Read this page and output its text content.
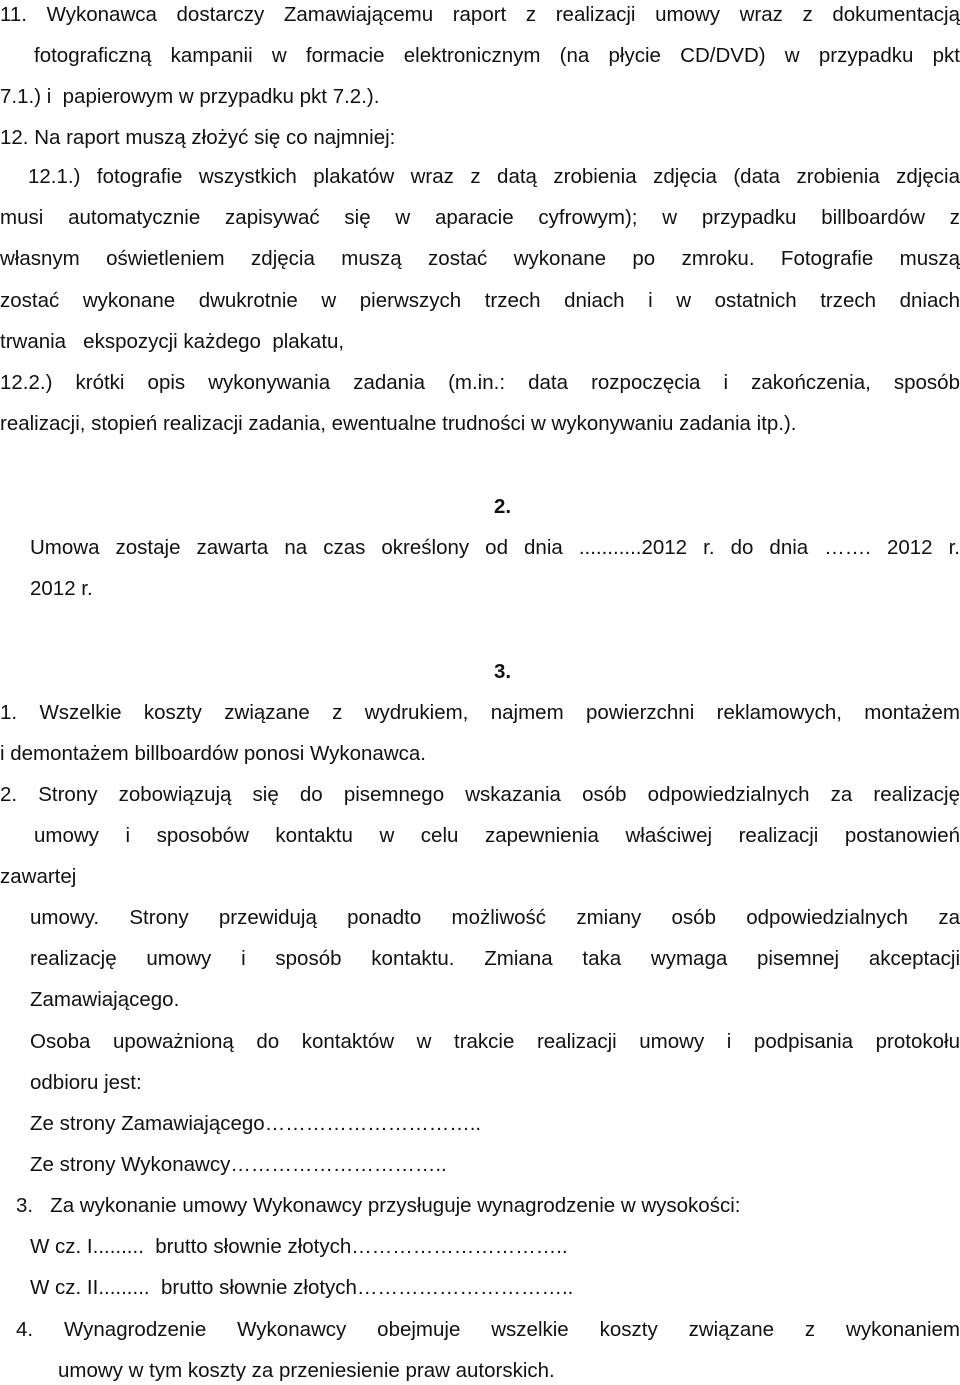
11. Wykonawca dostarczy Zamawiającemu raport z realizacji umowy wraz z dokumentacją
fotograficzną kampanii w formacie elektronicznym (na płycie CD/DVD) w przypadku pkt
7.1.) i  papierowym w przypadku pkt 7.2.).
12. Na raport muszą złożyć się co najmniej:
12.1.) fotografie wszystkich plakatów wraz z datą zrobienia zdjęcia (data zrobienia zdjęcia
musi automatycznie zapisywać się w aparacie cyfrowym); w przypadku billboardów z
własnym oświetleniem zdjęcia muszą zostać wykonane po zmroku. Fotografie muszą
zostać wykonane dwukrotnie w pierwszych trzech dniach i w ostatnich trzech dniach
trwania   ekspozycji każdego  plakatu,
12.2.) krótki opis wykonywania zadania (m.in.: data rozpoczęcia i zakończenia, sposób
realizacji, stopień realizacji zadania, ewentualne trudności w wykonywaniu zadania itp.).
2.
Umowa zostaje zawarta na czas określony od dnia ...........2012 r. do dnia ……. 2012 r.
2012 r.
3.
1. Wszelkie koszty związane z wydrukiem, najmem powierzchni reklamowych, montażem
i demontażem billboardów ponosi Wykonawca.
2. Strony zobowiązują się do pisemnego wskazania osób odpowiedzialnych za realizację
umowy i sposobów kontaktu w celu zapewnienia właściwej realizacji postanowień
zawartej
umowy. Strony przewidują ponadto możliwość zmiany osób odpowiedzialnych za
realizację umowy i sposób kontaktu. Zmiana taka wymaga pisemnej akceptacji
Zamawiającego.
Osoba upoważnioną do kontaktów w trakcie realizacji umowy i podpisania protokołu
odbioru jest:
Ze strony Zamawiającego…………………………..
Ze strony Wykonawcy…………………………..
3.   Za wykonanie umowy Wykonawcy przysługuje wynagrodzenie w wysokości:
W cz. I.........  brutto słownie złotych…………………………..
W cz. II.........  brutto słownie złotych…………………………..
4. Wynagrodzenie Wykonawcy obejmuje wszelkie koszty związane z wykonaniem
umowy w tym koszty za przeniesienie praw autorskich.
